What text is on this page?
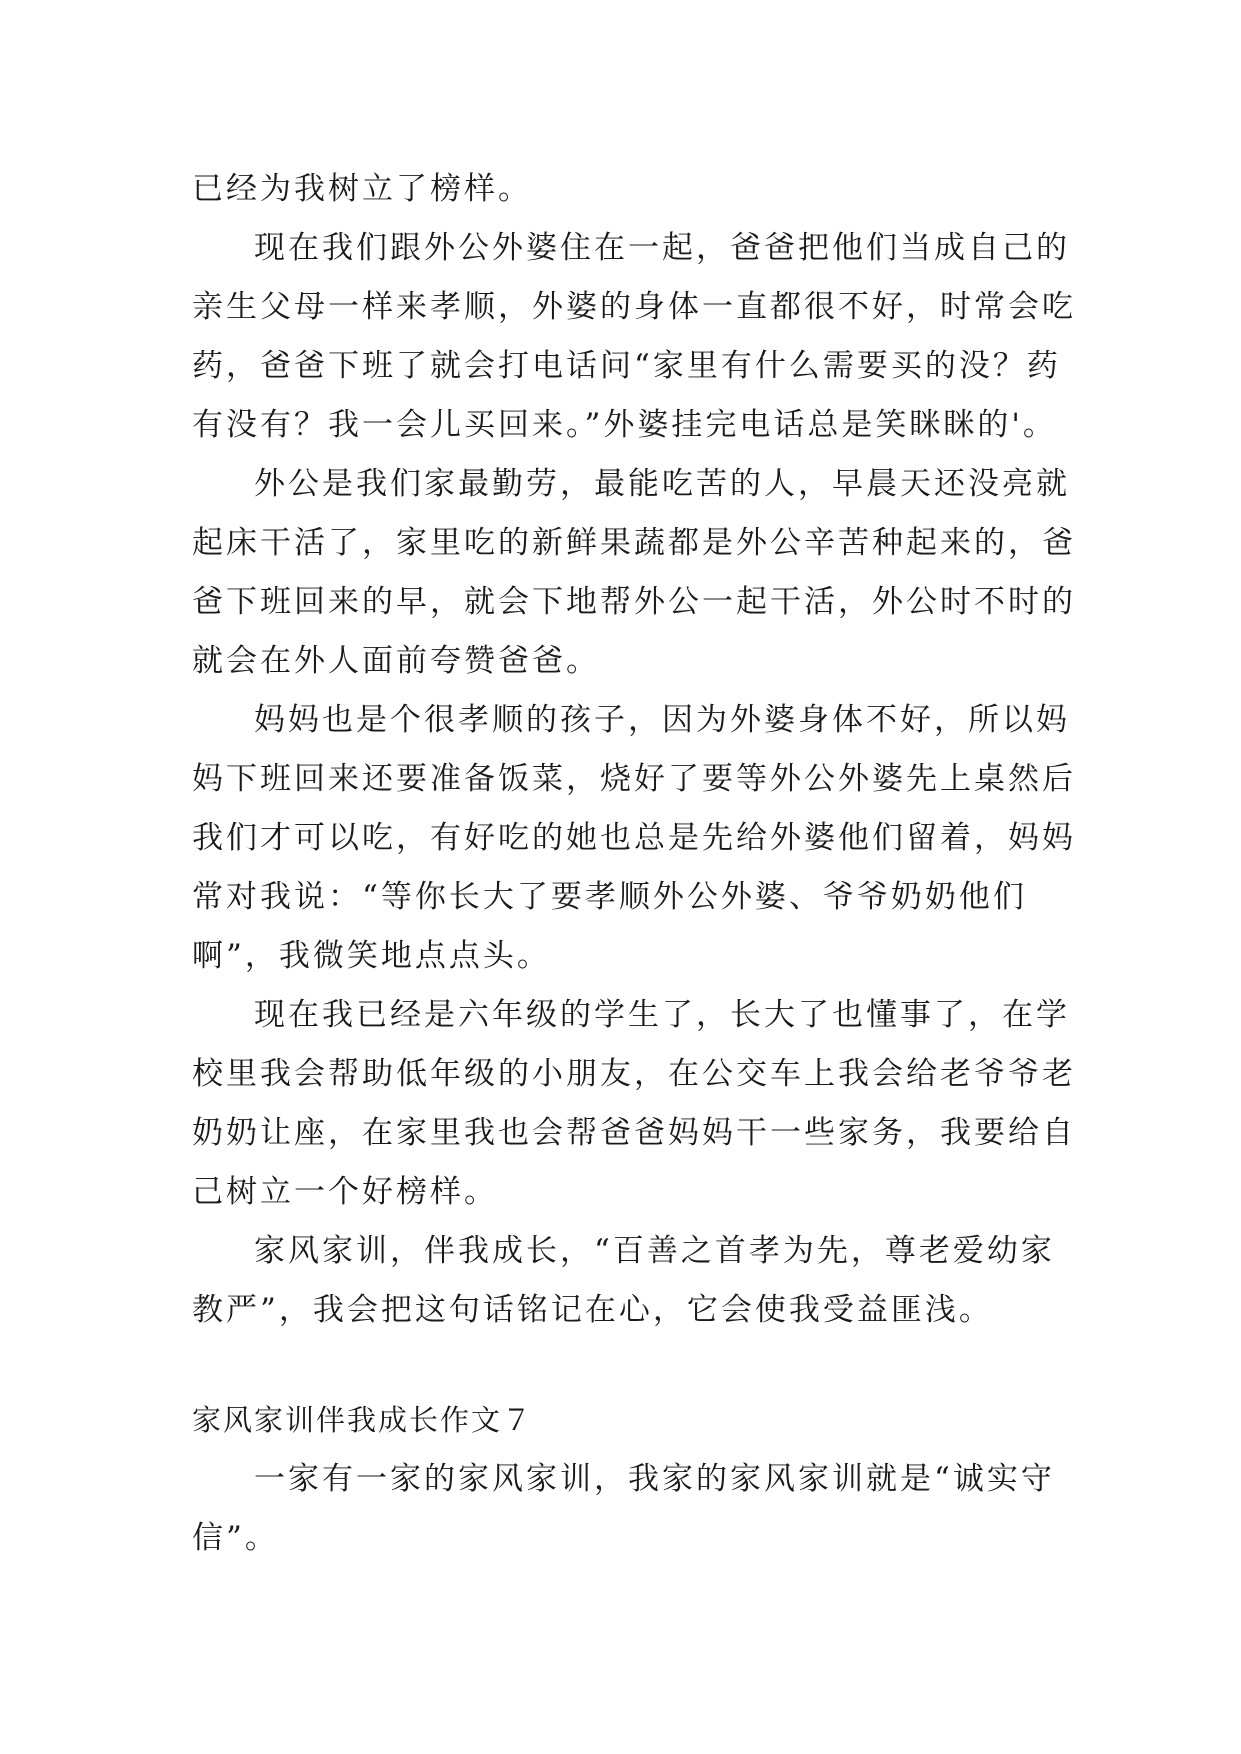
已经为我树立了榜样。

现在我们跟外公外婆住在一起，爸爸把他们当成自己的

亲生父母一样来孝顺，外婆的身体一直都很不好，时常会吃

药，爸爸下班了就会打电话问“家里有什么需要买的没？药

有没有？我一会儿买回来。”外婆挂完电话总是笑眯眯的'。

外公是我们家最勤劳，最能吃苦的人，早晨天还没亮就

起床干活了，家里吃的新鲜果蔬都是外公辛苦种起来的，爸

爸下班回来的早，就会下地帮外公一起干活，外公时不时的

就会在外人面前夸赞爸爸。

妈妈也是个很孝顺的孩子，因为外婆身体不好，所以妈

妈下班回来还要准备饭菜，烧好了要等外公外婆先上桌然后

我们才可以吃，有好吃的她也总是先给外婆他们留着，妈妈

常对我说：“等你长大了要孝顺外公外婆、爷爷奶奶他们

啊”，我微笑地点点头。

现在我已经是六年级的学生了，长大了也懂事了，在学

校里我会帮助低年级的小朋友，在公交车上我会给老爷爷老

奶奶让座，在家里我也会帮爸爸妈妈干一些家务，我要给自

己树立一个好榜样。

家风家训，伴我成长，“百善之首孝为先，尊老爱幼家

教严”，我会把这句话铭记在心，它会使我受益匪浅。

家风家训伴我成长作文７

一家有一家的家风家训，我家的家风家训就是“诚实守

信”。
